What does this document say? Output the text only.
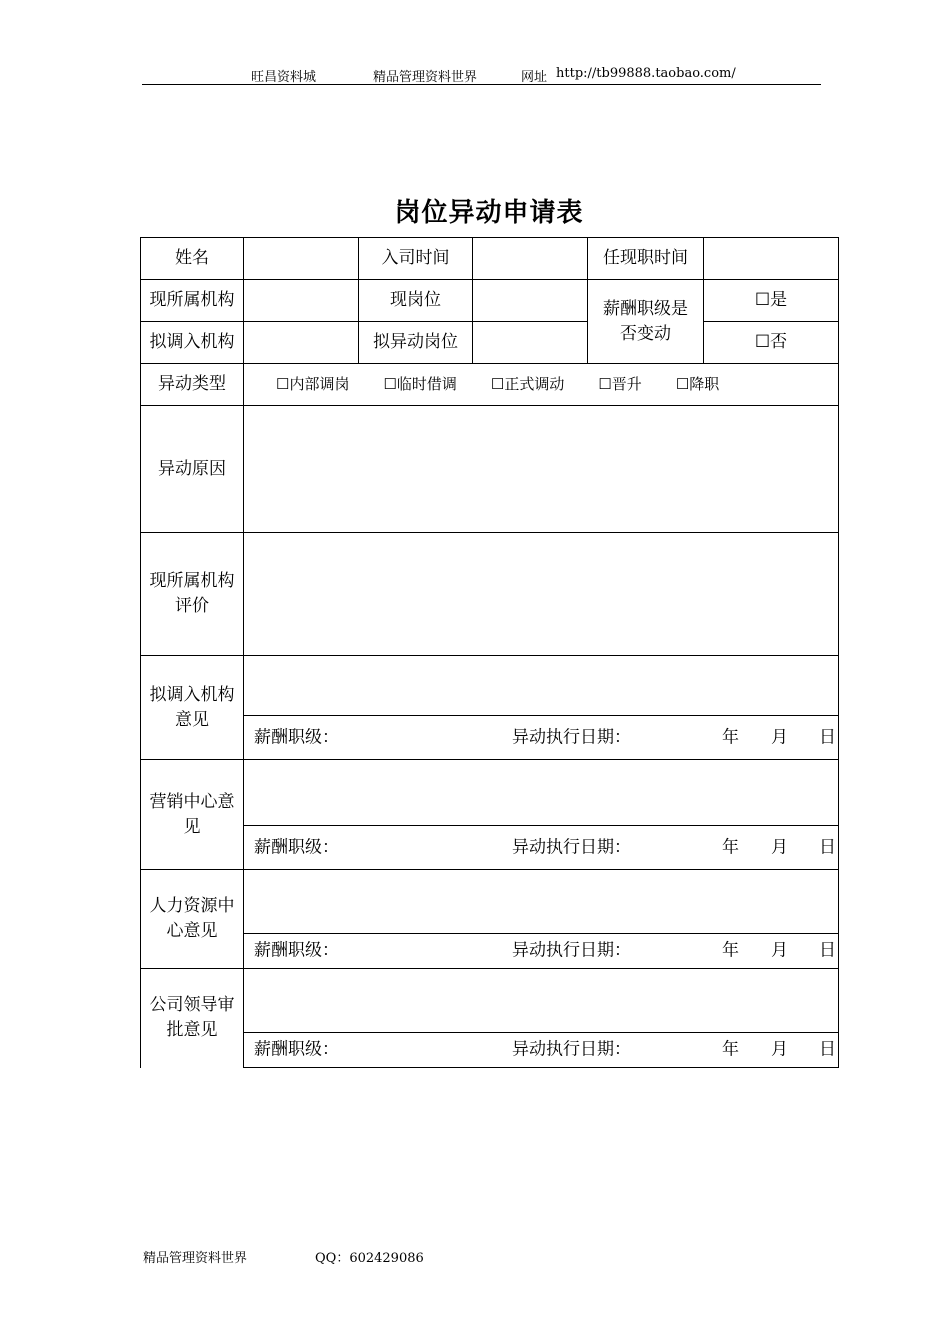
旺昌资料城	精品管理资料世界	网址 http://tb99888.taobao.com/
岗位异动申请表
姓名		入司时间		任现职时间	
现所属机构		现岗位		薪酬职级是否变动	☐是
拟调入机构		拟异动岗位			☐否
异动类型	☐内部调岗 ☐临时借调 ☐正式调动 ☐晋升 ☐降职				

异动原因					
现所属机构评价					
拟调入机构意见					

	薪酬职级： 异动执行日期： 年 月 日				

营销中心意见					

	薪酬职级： 异动执行日期： 年 月 日				

人力资源中心意见					

	薪酬职级： 异动执行日期： 年 月 日				

公司领导审批意见					

	薪酬职级： 异动执行日期： 年 月 日				
精品管理资料世界	QQ：602429086
